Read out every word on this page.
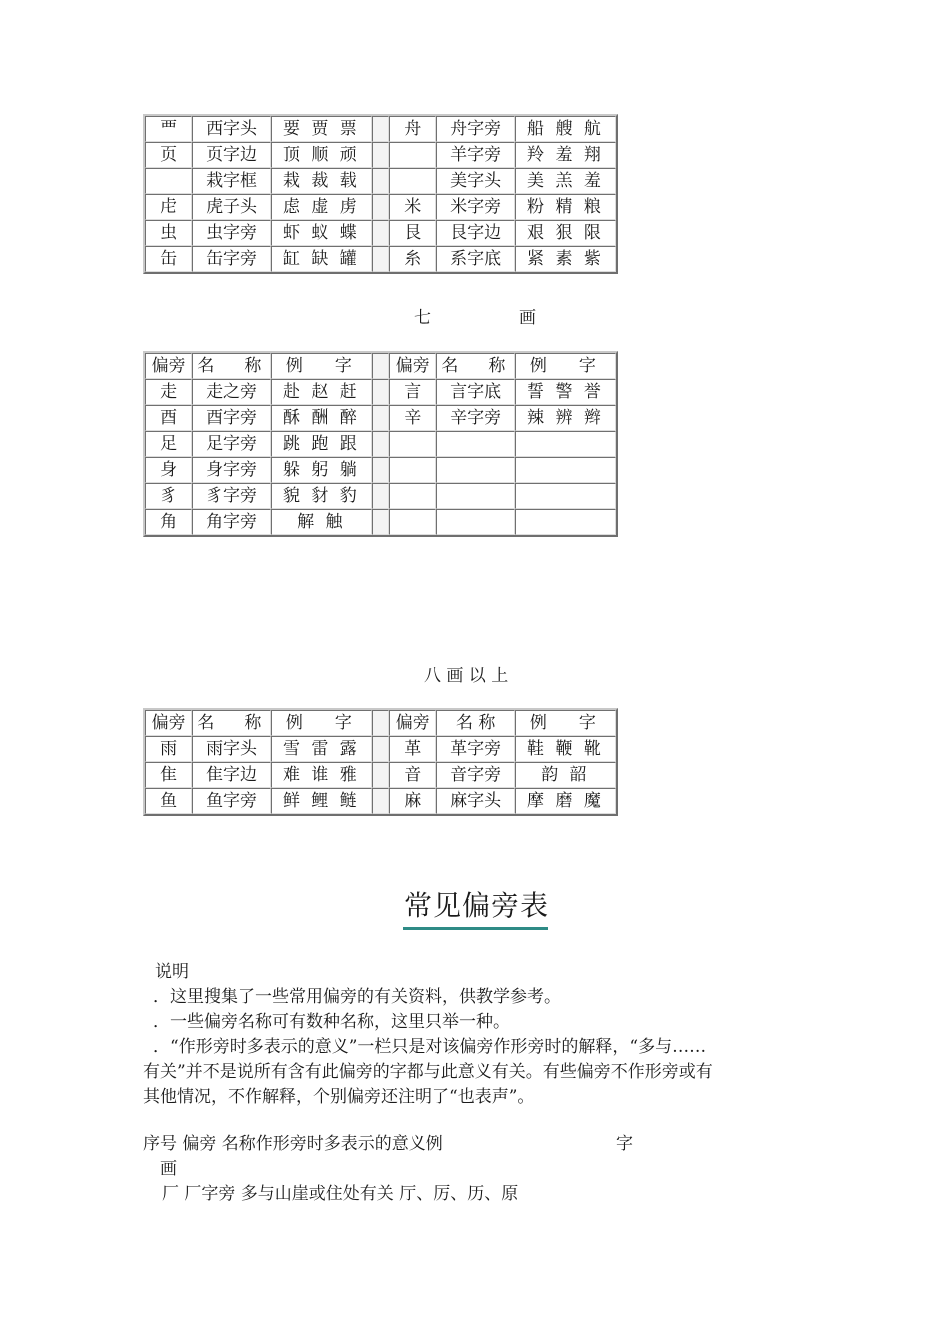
覀	西字头	要 贾 票		舟	舟字旁	船 艘 航
页	页字边	顶 顺 顽			羊字旁	羚 羞 翔
	栽字框	栽 裁 载			美字头	美 羔 羞
虍	虎子头	虑 虚 虏		米	米字旁	粉 精 粮
虫	虫字旁	虾 蚁 蝶		艮	艮字边	艰 狠 限
缶	缶字旁	缸 缺 罐		糸	系字底	紧 素 紫
七	画
偏旁	名 称	例 字		偏旁	名 称	例 字
走	走之旁	赴 赵 赶		言	言字底	誓 警 誉
酉	酉字旁	酥 酬 醉		辛	辛字旁	辣 辨 辫
足	足字旁	跳 跑 跟				
身	身字旁	躲 躬 躺				
豸	豸字旁	貌 豺 豹				
角	角字旁	解 触				
八 画 以 上
偏旁	名 称	例 字		偏旁	名 称	例 字
雨	雨字头	雪 雷 露		革	革字旁	鞋 鞭 靴
隹	隹字边	难 谁 雅		音	音字旁	韵 韶
鱼	鱼字旁	鲜 鲤 鲢		麻	麻字头	摩 磨 魔
常见偏旁表
说明
．这里搜集了一些常用偏旁的有关资料，供教学参考。
．一些偏旁名称可有数种名称，这里只举一种。
．“作形旁时多表示的意义”一栏只是对该偏旁作形旁时的解释，“多与……
有关”并不是说所有含有此偏旁的字都与此意义有关。有些偏旁不作形旁或有
其他情况，不作解释，个别偏旁还注明了“也表声”。
序号 偏旁 名称作形旁时多表示的意义例	字
画
厂 厂字旁 多与山崖或住处有关 厅、厉、历、原
